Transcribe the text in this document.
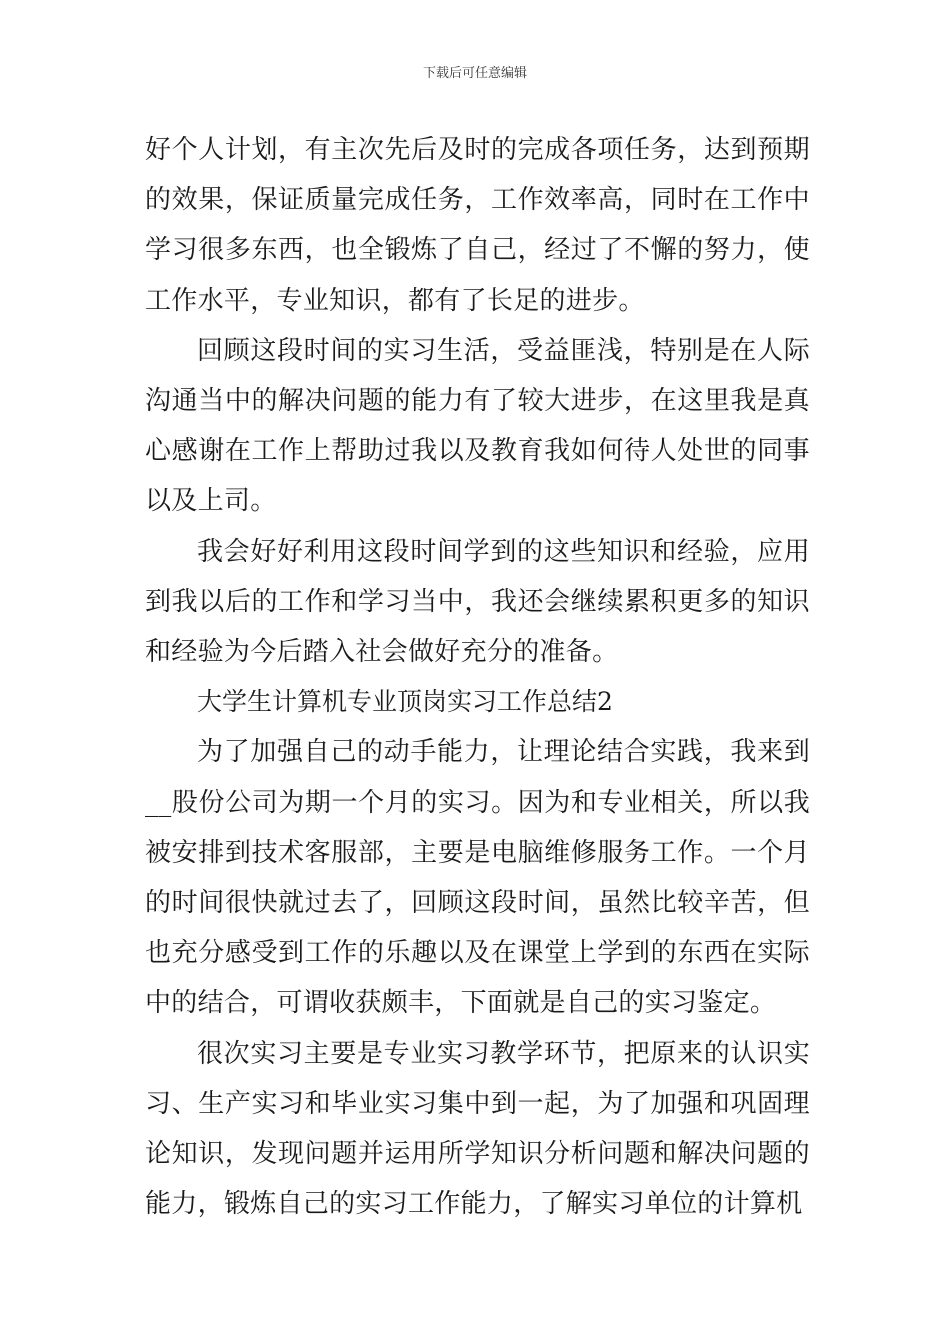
下载后可任意编辑

好个人计划，有主次先后及时的完成各项任务，达到预期的效果，保证质量完成任务，工作效率高，同时在工作中学习很多东西，也全锻炼了自己，经过了不懈的努力，使工作水平，专业知识，都有了长足的进步。

回顾这段时间的实习生活，受益匪浅，特别是在人际沟通当中的解决问题的能力有了较大进步，在这里我是真心感谢在工作上帮助过我以及教育我如何待人处世的同事以及上司。

我会好好利用这段时间学到的这些知识和经验，应用到我以后的工作和学习当中，我还会继续累积更多的知识和经验为今后踏入社会做好充分的准备。

大学生计算机专业顶岗实习工作总结2

为了加强自己的动手能力，让理论结合实践，我来到__股份公司为期一个月的实习。因为和专业相关，所以我被安排到技术客服部，主要是电脑维修服务工作。一个月的时间很快就过去了，回顾这段时间，虽然比较辛苦，但也充分感受到工作的乐趣以及在课堂上学到的东西在实际中的结合，可谓收获颇丰，下面就是自己的实习鉴定。

很次实习主要是专业实习教学环节，把原来的认识实习、生产实习和毕业实习集中到一起，为了加强和巩固理论知识，发现问题并运用所学知识分析问题和解决问题的能力，锻炼自己的实习工作能力，了解实习单位的计算机
